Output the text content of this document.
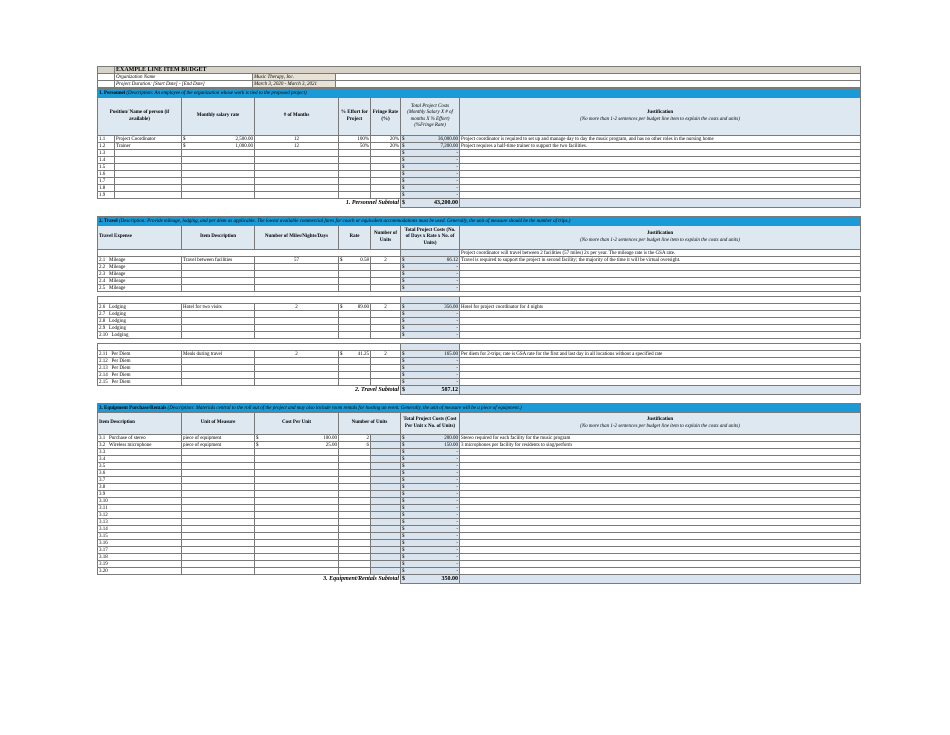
	EXAMPLE LINE ITEM BUDGET		
	Organization Name	Music Therapy, Inc.	
	Project Duration: [Start Date] - [End Date]	March 3, 2020 - March 3, 2021	
1. Personnel (Description: An employee of the organization whose work is tied to the proposed project)							
Position/ Name of person (if available)		Monthly salary rate	# of Months	% Effort for Project	Fringe Rate (%)	Total Project Costs (Monthly Salary X # of months X % Effort)(%Fringe Rate)	Justification
(No more than 1-2 sentences per budget line item to explain the costs and units)
1.1	Project Coordinator	$ 2,500.00	12	100%	20%	$ 36,000.00	Project coordinator is required to set up and manage day to day the music program, and has no other roles in the nursing home
1.2	Trainer	$ 1,000.00	12	50%	20%	$ 7,200.00	Project requires a half-time trainer to support the two facilities.
1.3						$ -	

1.4						$ -	

1.5						$ -	

1.6						$ -	

1.7						$ -	

1.8						$ -	

1.9						$ -	

1. Personnel Subtotal						$ 43,200.00	

2. Travel (Description: Provide mileage, lodging, and per diem as applicable. The lowest available commercial fares for coach or equivalent accommodations must be used. Generally, the unit of measure should be the number of trips.)						
Travel Expense	Item Description	Number of Miles/Nights/Days	Rate	Number of Units	Total Project Costs (No. of Days x Rate x No. of Units)	Justification
(No more than 1-2 sentences per budget line item to explain the costs and units)
						Project coordinator will travel between 2 facilities (57 miles) 2x per year. The mileage rate is the GSA rate.
2.1 Mileage	Travel between facilities	57	$ 0.58	2	$ 66.12	Travel is required to support the project in second facility; the majority of the time it will be virtual oversight.
2.2 Mileage					$ -	

2.3 Mileage					$ -	

2.4 Mileage					$ -	

2.5 Mileage					$ -	

2.6 Lodging	Hotel for two visits	2	$ 89.00	2	$ 356.00	Hotel for project coordinator for 4 nights
2.7 Lodging					$ -	

2.8 Lodging					$ -	

2.9 Lodging					$ -	

2.10 Lodging					$ -	

2.11 Per Diem	Meals during travel	2	$ 41.25	2	$ 165.00	Per diem for 2-trips; rate is GSA rate for the first and last day in all locations without a specified rate
2.12 Per Diem					$ -	

2.13 Per Diem					$ -	

2.14 Per Diem					$ -	

2.15 Per Diem					$ -	

2. Travel Subtotal					$ 587.12	

3. Equipment Purchase/Rentals (Description: Materials central to the roll out of the project and may also include room rentals for hosting an event. Generally, the unit of measure will be a piece of equipment.)						
Item Description	Unit of Measure	Cost Per Unit	Number of Units		Total Project Costs (Cost Per Unit x No. of Units)	Justification
(No more than 1-2 sentences per budget line item to explain the costs and units)
3.1 Purchase of stereo	piece of equipment	$ 100.00	2		$ 200.00	Stereo required for each facility for the music program
3.2 Wireless microphone	piece of equipment	$ 25.00	6		$ 150.00	3 microphones per facility for residents to sing/perform
3.3					$ -	

3.4					$ -	

3.5					$ -	

3.6					$ -	

3.7					$ -	

3.8					$ -	

3.9					$ -	

3.10					$ -	

3.11					$ -	

3.12					$ -	

3.13					$ -	

3.14					$ -	

3.15					$ -	

3.16					$ -	

3.17					$ -	

3.18					$ -	

3.19					$ -	

3.20					$ -	

3. Equipment/Rentals Subtotal					$ 350.00	
